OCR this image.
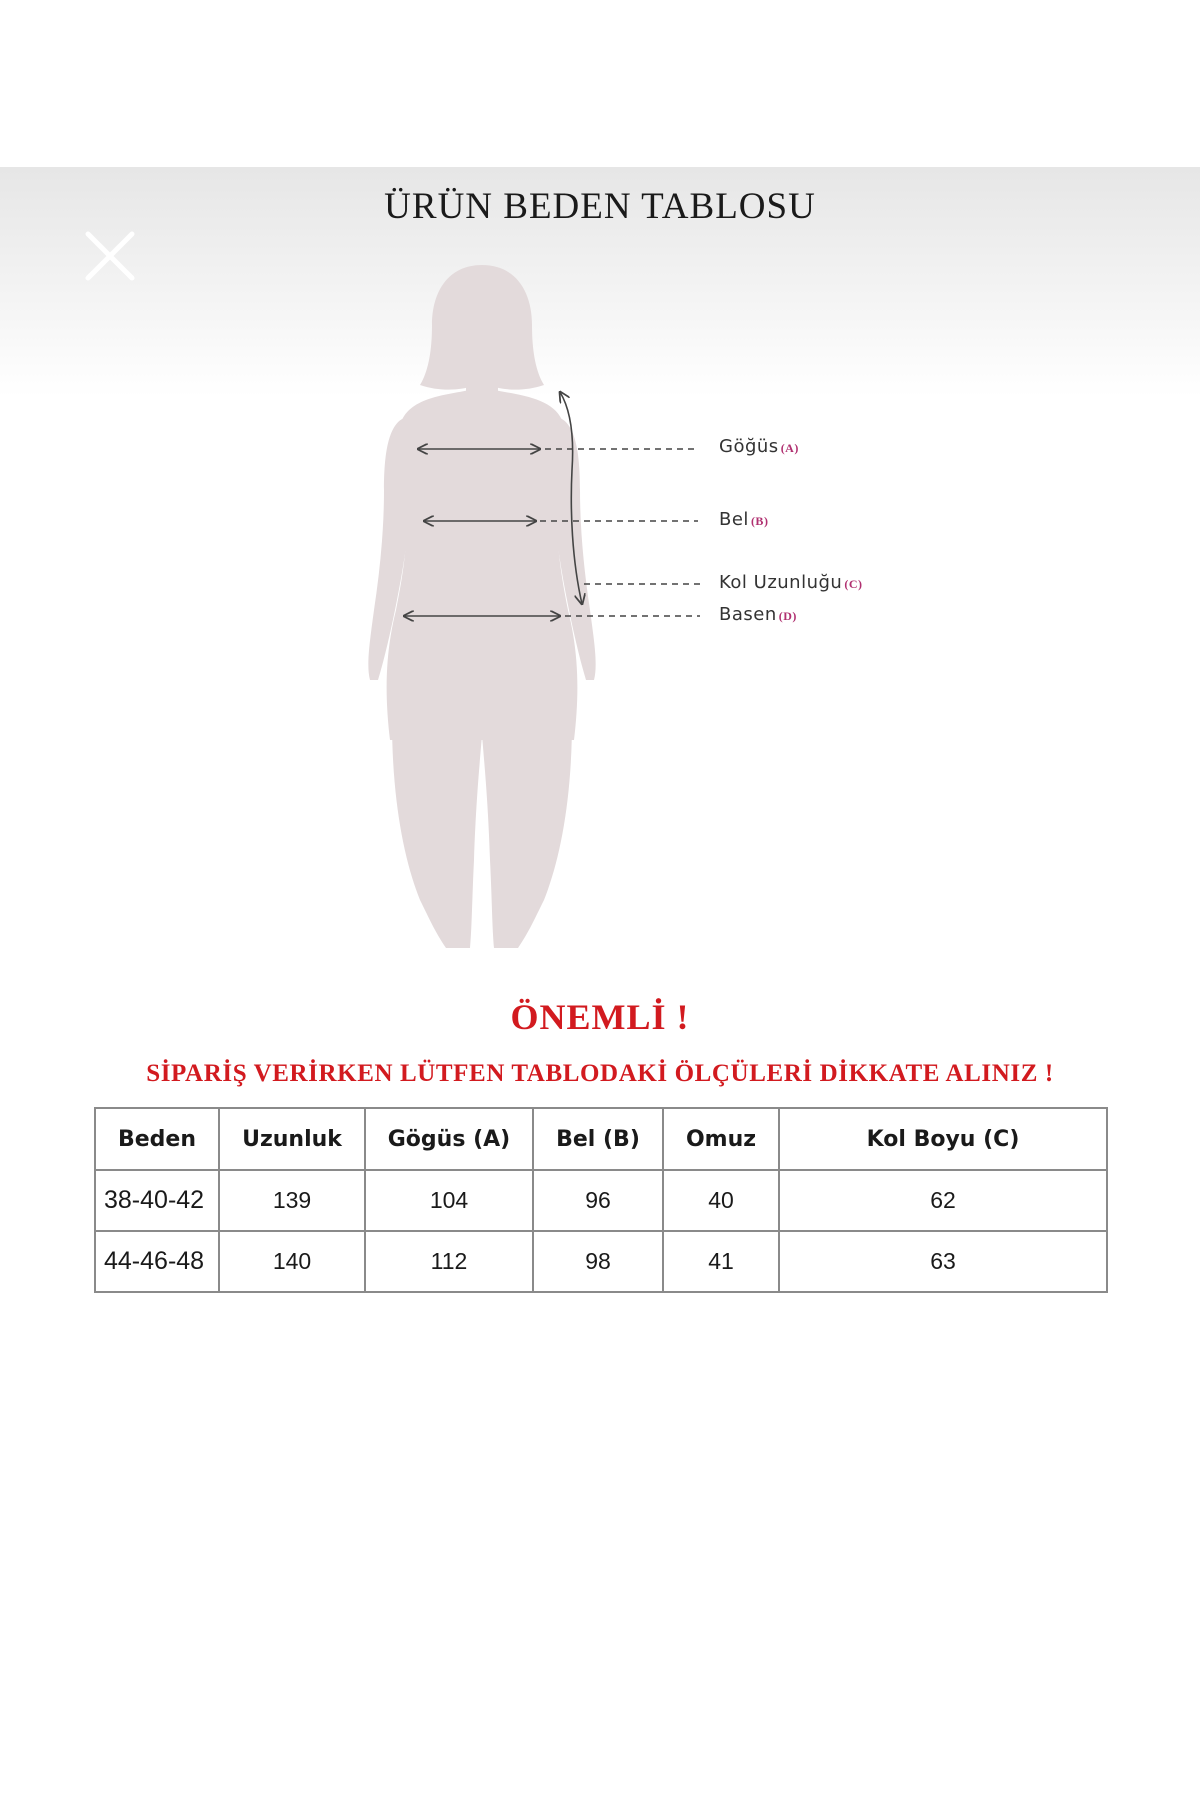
ÜRÜN BEDEN TABLOSU
Göğüs (A)
Bel (B)
Kol Uzunluğu (C)
Basen (D)
ÖNEMLİ !
SİPARİŞ VERİRKEN LÜTFEN TABLODAKİ ÖLÇÜLERİ DİKKATE ALINIZ !
Beden	Uzunluk	Gögüs (A)	Bel (B)	Omuz	Kol Boyu (C)
38-40-42	139	104	96	40	62
44-46-48	140	112	98	41	63
